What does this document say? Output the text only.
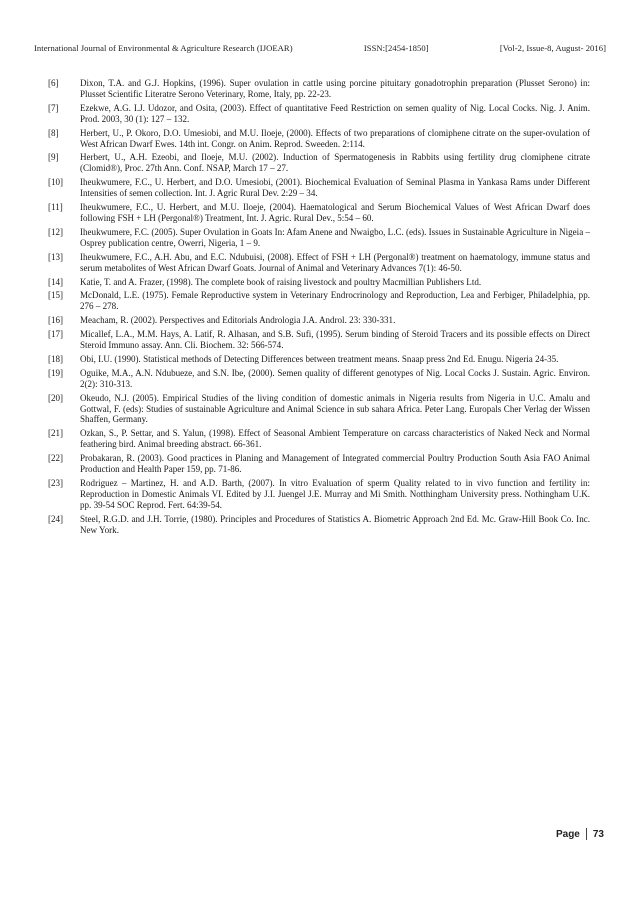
International Journal of Environmental & Agriculture Research (IJOEAR)	ISSN:[2454-1850]	[Vol-2, Issue-8, August- 2016]
[6] Dixon, T.A. and G.J. Hopkins, (1996). Super ovulation in cattle using porcine pituitary gonadotrophin preparation (Plusset Serono) in: Plusset Scientific Literatre Serono Veterinary, Rome, Italy, pp. 22-23.
[7] Ezekwe, A.G. I.J. Udozor, and Osita, (2003). Effect of quantitative Feed Restriction on semen quality of Nig. Local Cocks. Nig. J. Anim. Prod. 2003, 30 (1): 127 – 132.
[8] Herbert, U., P. Okoro, D.O. Umesiobi, and M.U. Iloeje, (2000). Effects of two preparations of clomiphene citrate on the super-ovulation of West African Dwarf Ewes. 14th int. Congr. on Anim. Reprod. Sweeden. 2:114.
[9] Herbert, U., A.H. Ezeobi, and Iloeje, M.U. (2002). Induction of Spermatogenesis in Rabbits using fertility drug clomiphene citrate (Clomid®), Proc. 27th Ann. Conf. NSAP, March 17 – 27.
[10] Iheukwumere, F.C., U. Herbert, and D.O. Umesiobi, (2001). Biochemical Evaluation of Seminal Plasma in Yankasa Rams under Different Intensities of semen collection. Int. J. Agric Rural Dev. 2:29 – 34.
[11] Iheukwumere, F.C., U. Herbert, and M.U. Iloeje, (2004). Haematological and Serum Biochemical Values of West African Dwarf does following FSH + LH (Pergonal®) Treatment, Int. J. Agric. Rural Dev., 5:54 – 60.
[12] Iheukwumere, F.C. (2005). Super Ovulation in Goats In: Afam Anene and Nwaigbo, L.C. (eds). Issues in Sustainable Agriculture in Nigeia – Osprey publication centre, Owerri, Nigeria, 1 – 9.
[13] Iheukwumere, F.C., A.H. Abu, and E.C. Ndubuisi, (2008). Effect of FSH + LH (Pergonal®) treatment on haematology, immune status and serum metabolites of West African Dwarf Goats. Journal of Animal and Veterinary Advances 7(1): 46-50.
[14] Katie, T. and A. Frazer, (1998). The complete book of raising livestock and poultry Macmillian Publishers Ltd.
[15] McDonald, L.E. (1975). Female Reproductive system in Veterinary Endrocrinology and Reproduction, Lea and Ferbiger, Philadelphia, pp. 276 – 278.
[16] Meacham, R. (2002). Perspectives and Editorials Andrologia J.A. Androl. 23: 330-331.
[17] Micallef, L.A., M.M. Hays, A. Latif, R. Alhasan, and S.B. Sufi, (1995). Serum binding of Steroid Tracers and its possible effects on Direct Steroid Immuno assay. Ann. Cli. Biochem. 32: 566-574.
[18] Obi, I.U. (1990). Statistical methods of Detecting Differences between treatment means. Snaap press 2nd Ed. Enugu. Nigeria 24-35.
[19] Oguike, M.A., A.N. Ndubueze, and S.N. Ibe, (2000). Semen quality of different genotypes of Nig. Local Cocks J. Sustain. Agric. Environ. 2(2): 310-313.
[20] Okeudo, N.J. (2005). Empirical Studies of the living condition of domestic animals in Nigeria results from Nigeria in U.C. Amalu and Gottwal, F. (eds): Studies of sustainable Agriculture and Animal Science in sub sahara Africa. Peter Lang. Europals Cher Verlag der Wissen Shaffen, Germany.
[21] Ozkan, S., P. Settar, and S. Yalun, (1998). Effect of Seasonal Ambient Temperature on carcass characteristics of Naked Neck and Normal feathering bird. Animal breeding abstract. 66-361.
[22] Probakaran, R. (2003). Good practices in Planing and Management of Integrated commercial Poultry Production South Asia FAO Animal Production and Health Paper 159, pp. 71-86.
[23] Rodriguez – Martinez, H. and A.D. Barth, (2007). In vitro Evaluation of sperm Quality related to in vivo function and fertility in: Reproduction in Domestic Animals VI. Edited by J.I. Juengel J.E. Murray and Mi Smith. Notthingham University press. Nothingham U.K. pp. 39-54 SOC Reprod. Fert. 64:39-54.
[24] Steel, R.G.D. and J.H. Torrie, (1980). Principles and Procedures of Statistics A. Biometric Approach 2nd Ed. Mc. Graw-Hill Book Co. Inc. New York.
Page 73
